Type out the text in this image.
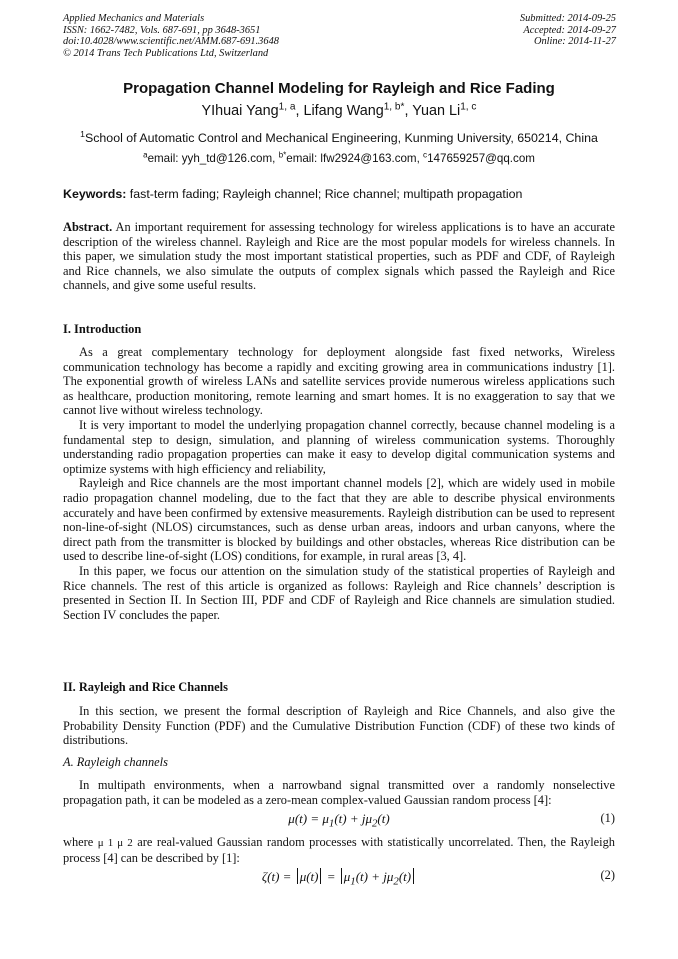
Applied Mechanics and Materials
ISSN: 1662-7482, Vols. 687-691, pp 3648-3651
doi:10.4028/www.scientific.net/AMM.687-691.3648
© 2014 Trans Tech Publications Ltd, Switzerland
Submitted: 2014-09-25
Accepted: 2014-09-27
Online: 2014-11-27
Propagation Channel Modeling for Rayleigh and Rice Fading
YIhuai Yang$^{1, a}$, Lifang Wang$^{1, b*}$, Yuan Li$^{1, c}$
$^1$School of Automatic Control and Mechanical Engineering, Kunming University, 650214, China
$^a$email: yyh_td@126.com, $^{b*}$email: lfw2924@163.com, $^c$147659257@qq.com
Keywords: fast-term fading; Rayleigh channel; Rice channel; multipath propagation

Abstract. An important requirement for assessing technology for wireless applications is to have an accurate description of the wireless channel. Rayleigh and Rice are the most popular models for wireless channels. In this paper, we simulation study the most important statistical properties, such as PDF and CDF, of Rayleigh and Rice channels, we also simulate the outputs of complex signals which passed the Rayleigh and Rice channels, and give some useful results.

I. Introduction

As a great complementary technology for deployment alongside fast fixed networks, Wireless communication technology has become a rapidly and exciting growing area in communications industry [1]. The exponential growth of wireless LANs and satellite services provide numerous wireless applications such as healthcare, production monitoring, remote learning and smart homes. It is no exaggeration to say that we cannot live without wireless technology.

It is very important to model the underlying propagation channel correctly, because channel modeling is a fundamental step to design, simulation, and planning of wireless communication systems. Thoroughly understanding radio propagation properties can make it easy to develop digital communication systems and optimize systems with high efficiency and reliability,

Rayleigh and Rice channels are the most important channel models [2], which are widely used in mobile radio propagation channel modeling, due to the fact that they are able to describe physical environments accurately and have been confirmed by extensive measurements. Rayleigh distribution can be used to represent non-line-of-sight (NLOS) circumstances, such as dense urban areas, indoors and urban canyons, where the direct path from the transmitter is blocked by buildings and other obstacles, whereas Rice distribution can be used to describe line-of-sight (LOS) conditions, for example, in rural areas [3, 4].

In this paper, we focus our attention on the simulation study of the statistical properties of Rayleigh and Rice channels. The rest of this article is organized as follows: Rayleigh and Rice channels’ description is presented in Section II. In Section III, PDF and CDF of Rayleigh and Rice channels are simulation studied. Section IV concludes the paper.

II. Rayleigh and Rice Channels

In this section, we present the formal description of Rayleigh and Rice Channels, and also give the Probability Density Function (PDF) and the Cumulative Distribution Function (CDF) of these two kinds of distributions.

A. Rayleigh channels

In multipath environments, when a narrowband signal transmitted over a randomly nonselective propagation path, it can be modeled as a zero-mean complex-valued Gaussian random process [4]:

$\mu(t) = \mu_1(t) + j\mu_2(t)$	(1)

where μ 1 μ 2 are real-valued Gaussian random processes with statistically uncorrelated. Then, the Rayleigh process [4] can be described by [1]:

$\zeta(t) = \mu(t) = \mu_1(t) + j\mu_2(t)$	(2)
